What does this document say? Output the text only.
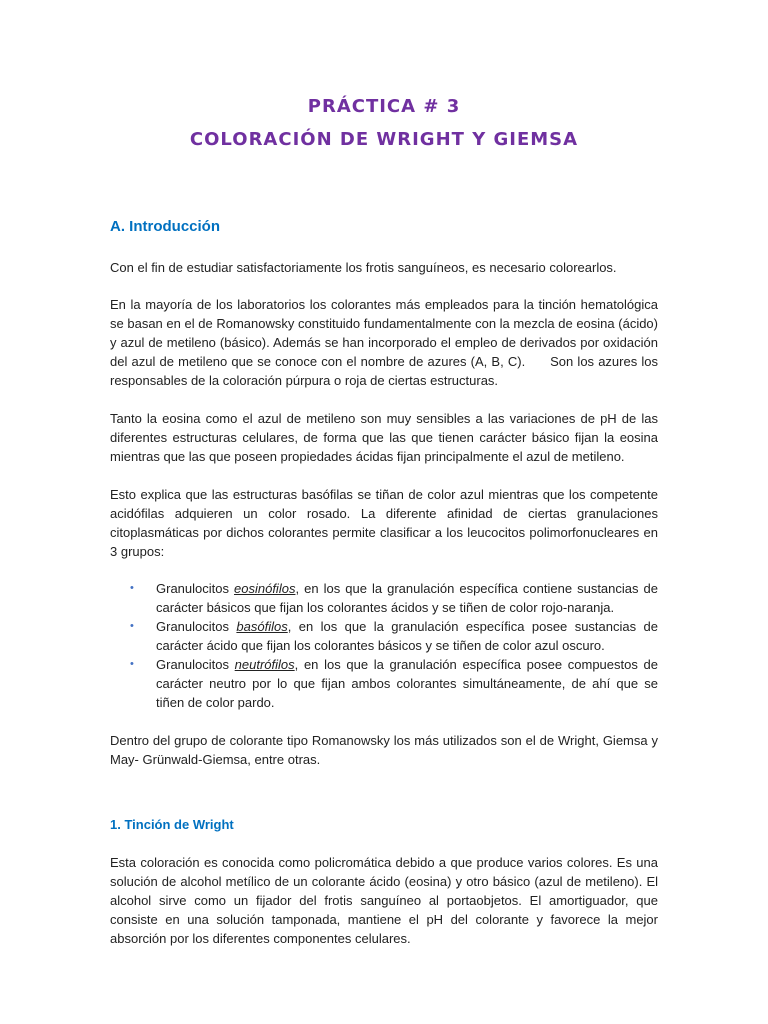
PRÁCTICA # 3
COLORACIÓN DE WRIGHT Y GIEMSA
A. Introducción

Con el fin de estudiar satisfactoriamente los frotis sanguíneos, es necesario colorearlos.

En la mayoría de los laboratorios los colorantes más empleados para la tinción hematológica se basan en el de Romanowsky constituido fundamentalmente con la mezcla de eosina (ácido) y azul de metileno (básico). Además se han incorporado el empleo de derivados por oxidación del azul de metileno que se conoce con el nombre de azures (A, B, C).      Son los azures los responsables de la coloración púrpura o roja de ciertas estructuras.

Tanto la eosina como el azul de metileno son muy sensibles a las variaciones de pH de las diferentes estructuras celulares, de forma que las que tienen carácter básico fijan la eosina mientras que las que poseen propiedades ácidas fijan principalmente el azul de metileno.

Esto explica que las estructuras basófilas se tiñan de color azul mientras que los competente acidófilas adquieren un color rosado. La diferente afinidad de ciertas granulaciones citoplasmáticas por dichos colorantes permite clasificar a los leucocitos polimorfonucleares en 3 grupos:

• Granulocitos eosinófilos, en los que la granulación específica contiene sustancias de carácter básicos que fijan los colorantes ácidos y se tiñen de color rojo-naranja.
• Granulocitos basófilos, en los que la granulación específica posee sustancias de carácter ácido que fijan los colorantes básicos y se tiñen de color azul oscuro.
• Granulocitos neutrófilos, en los que la granulación específica posee compuestos de carácter neutro por lo que fijan ambos colorantes simultáneamente, de ahí que se tiñen de color pardo.

Dentro del grupo de colorante tipo Romanowsky los más utilizados son el de Wright, Giemsa y May- Grünwald-Giemsa, entre otras.

1. Tinción de Wright

Esta coloración es conocida como policromática debido a que produce varios colores. Es una solución de alcohol metílico de un colorante ácido (eosina) y otro básico (azul de metileno). El alcohol sirve como un fijador del frotis sanguíneo al portaobjetos. El amortiguador, que consiste en una solución tamponada, mantiene el pH del colorante y favorece la mejor absorción por los diferentes componentes celulares.
